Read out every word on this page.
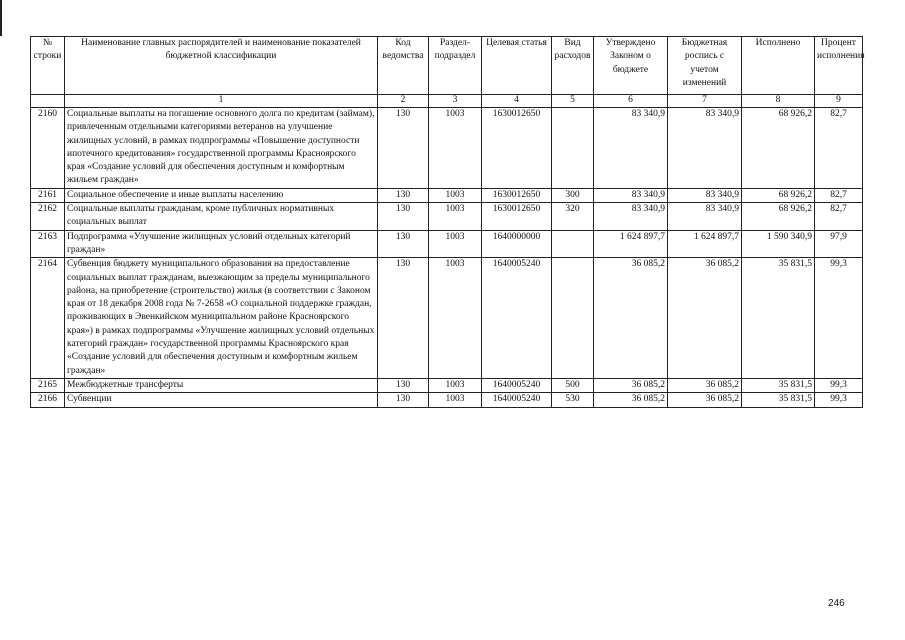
№ строки	Наименование главных распорядителей и наименование показателей бюджетной классификации	Код ведомства	Раздел-подраздел	Целевая статья	Вид расходов	Утверждено Законом о бюджете	Бюджетная роспись с учетом изменений	Исполнено	Процент исполнения
	1	2	3	4	5	6	7	8	9
2160	Социальные выплаты на погашение основного долга по кредитам (займам), привлеченным отдельными категориями ветеранов на улучшение жилищных условий, в рамках подпрограммы «Повышение доступности ипотечного кредитования» государственной программы Красноярского края «Создание условий для обеспечения доступным и комфортным жильем граждан»	130	1003	1630012650		83 340,9	83 340,9	68 926,2	82,7
2161	Социальное обеспечение и иные выплаты населению	130	1003	1630012650	300	83 340,9	83 340,9	68 926,2	82,7
2162	Социальные выплаты гражданам, кроме публичных нормативных социальных выплат	130	1003	1630012650	320	83 340,9	83 340,9	68 926,2	82,7
2163	Подпрограмма «Улучшение жилищных условий отдельных категорий граждан»	130	1003	1640000000		1 624 897,7	1 624 897,7	1 590 340,9	97,9
2164	Субвенция бюджету муниципального образования на предоставление социальных выплат гражданам, выезжающим за пределы муниципального района, на приобретение (строительство) жилья (в соответствии с Законом края от 18 декабря 2008 года № 7-2658 «О социальной поддержке граждан, проживающих в Эвенкийском муниципальном районе Красноярского края») в рамках подпрограммы «Улучшение жилищных условий отдельных категорий граждан» государственной программы Красноярского края «Создание условий для обеспечения доступным и комфортным жильем граждан»	130	1003	1640005240		36 085,2	36 085,2	35 831,5	99,3
2165	Межбюджетные трансферты	130	1003	1640005240	500	36 085,2	36 085,2	35 831,5	99,3
2166	Субвенции	130	1003	1640005240	530	36 085,2	36 085,2	35 831,5	99,3
246
